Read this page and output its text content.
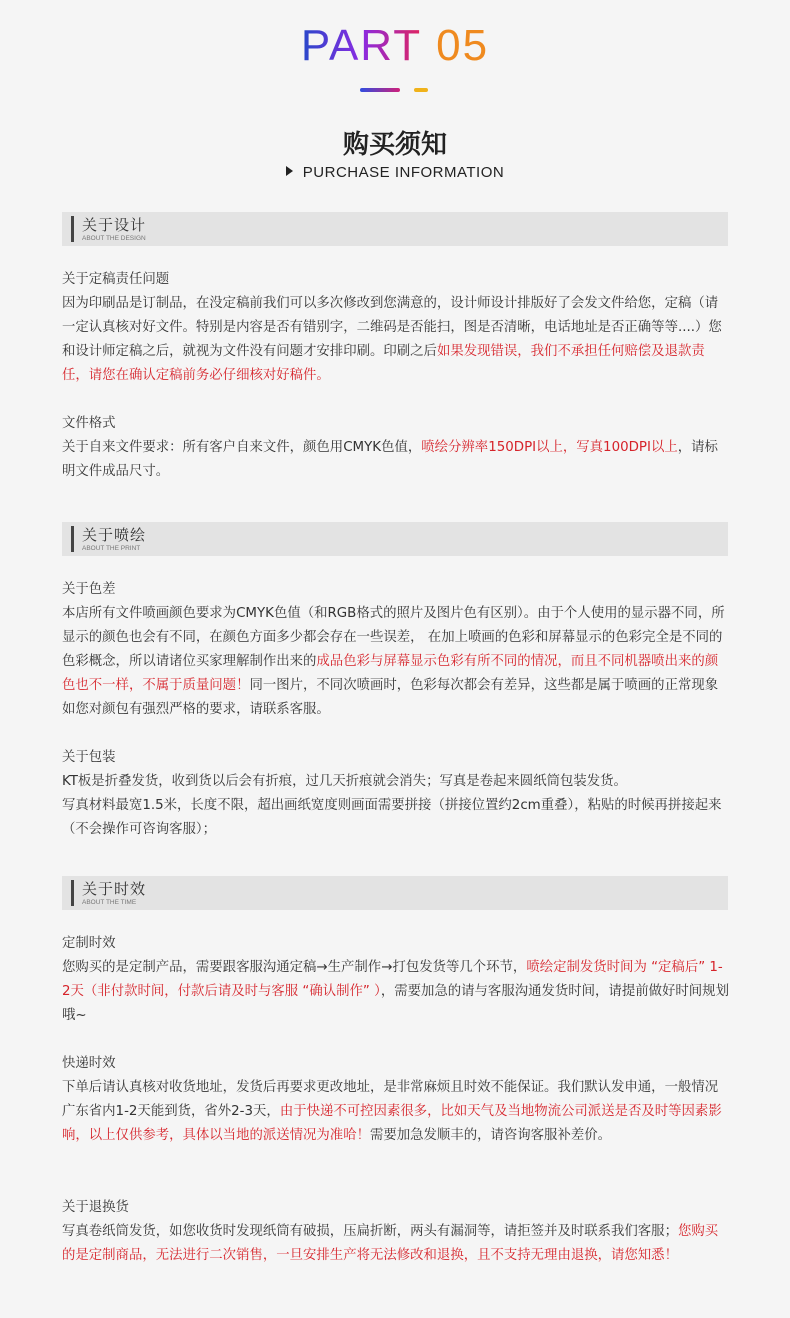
PART 05
购买须知
PURCHASE INFORMATION
关于设计
ABOUT THE DESIGN

关于定稿责任问题

因为印刷品是订制品，在没定稿前我们可以多次修改到您满意的，设计师设计排版好了会发文件给您，定稿（请一定认真核对好文件。特别是内容是否有错别字，二维码是否能扫，图是否清晰，电话地址是否正确等等....）您和设计师定稿之后，就视为文件没有问题才安排印刷。印刷之后如果发现错误，我们不承担任何赔偿及退款责任，请您在确认定稿前务必仔细核对好稿件。

文件格式

关于自来文件要求：所有客户自来文件，颜色用CMYK色值，喷绘分辨率150DPI以上，写真100DPI以上，请标明文件成品尺寸。

关于喷绘
ABOUT THE PRINT

关于色差

本店所有文件喷画颜色要求为CMYK色值（和RGB格式的照片及图片色有区别）。由于个人使用的显示器不同，所显示的颜色也会有不同，在颜色方面多少都会存在一些误差， 在加上喷画的色彩和屏幕显示的色彩完全是不同的色彩概念，所以请诸位买家理解制作出来的成品色彩与屏幕显示色彩有所不同的情况，而且不同机器喷出来的颜色也不一样，不属于质量问题！同一图片，不同次喷画时，色彩每次都会有差异，这些都是属于喷画的正常现象如您对颜包有强烈严格的要求，请联系客服。

关于包装

KT板是折叠发货，收到货以后会有折痕，过几天折痕就会消失；写真是卷起来圆纸筒包装发货。

写真材料最宽1.5米，长度不限，超出画纸宽度则画面需要拼接（拼接位置约2cm重叠），粘贴的时候再拼接起来（不会操作可咨询客服）；

关于时效
ABOUT THE TIME

定制时效

您购买的是定制产品，需要跟客服沟通定稿→生产制作→打包发货等几个环节，喷绘定制发货时间为 “定稿后” 1-2天（非付款时间，付款后请及时与客服 “确认制作” ），需要加急的请与客服沟通发货时间，请提前做好时间规划哦~

快递时效

下单后请认真核对收货地址，发货后再要求更改地址，是非常麻烦且时效不能保证。我们默认发申通，一般情况广东省内1-2天能到货，省外2-3天，由于快递不可控因素很多，比如天气及当地物流公司派送是否及时等因素影响，以上仅供参考，具体以当地的派送情况为准哈！需要加急发顺丰的，请咨询客服补差价。

关于退换货

写真卷纸筒发货，如您收货时发现纸筒有破损，压扁折断，两头有漏洞等，请拒签并及时联系我们客服；您购买的是定制商品，无法进行二次销售，一旦安排生产将无法修改和退换，且不支持无理由退换，请您知悉！
